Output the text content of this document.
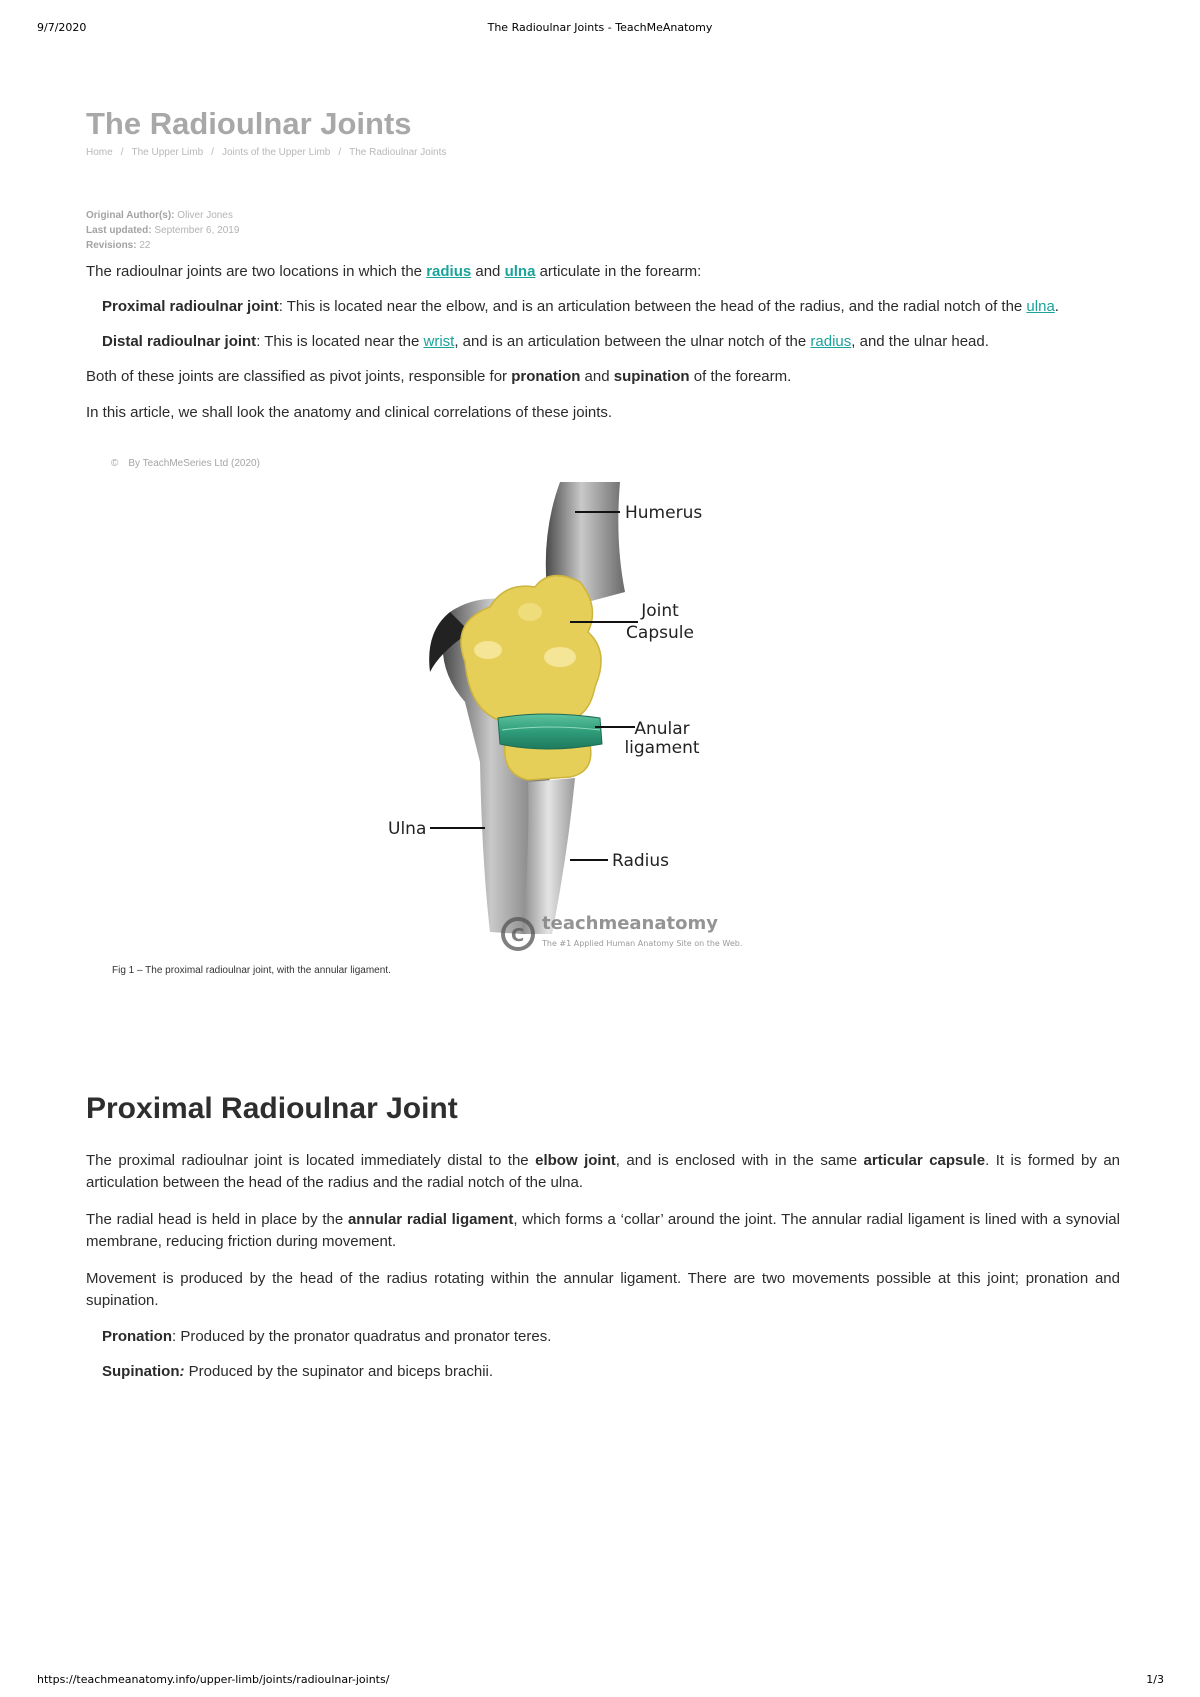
9/7/2020	The Radioulnar Joints - TeachMeAnatomy
The Radioulnar Joints
Home / The Upper Limb / Joints of the Upper Limb / The Radioulnar Joints
Original Author(s): Oliver Jones
Last updated: September 6, 2019
Revisions: 22
The radioulnar joints are two locations in which the radius and ulna articulate in the forearm:
Proximal radioulnar joint: This is located near the elbow, and is an articulation between the head of the radius, and the radial notch of the ulna.
Distal radioulnar joint: This is located near the wrist, and is an articulation between the ulnar notch of the radius, and the ulnar head.
Both of these joints are classified as pivot joints, responsible for pronation and supination of the forearm.
In this article, we shall look the anatomy and clinical correlations of these joints.
© By TeachMeSeries Ltd (2020)
Humerus
Joint
Capsule
Anular
ligament
Ulna
Radius
C
teachmeanatomy
The #1 Applied Human Anatomy Site on the Web.
Fig 1 – The proximal radioulnar joint, with the annular ligament.
Proximal Radioulnar Joint
The proximal radioulnar joint is located immediately distal to the elbow joint, and is enclosed with in the same articular capsule. It is formed by an articulation between the head of the radius and the radial notch of the ulna.
The radial head is held in place by the annular radial ligament, which forms a ‘collar’ around the joint. The annular radial ligament is lined with a synovial membrane, reducing friction during movement.
Movement is produced by the head of the radius rotating within the annular ligament. There are two movements possible at this joint; pronation and supination.
Pronation: Produced by the pronator quadratus and pronator teres.
Supination: Produced by the supinator and biceps brachii.
https://teachmeanatomy.info/upper-limb/joints/radioulnar-joints/	1/3
